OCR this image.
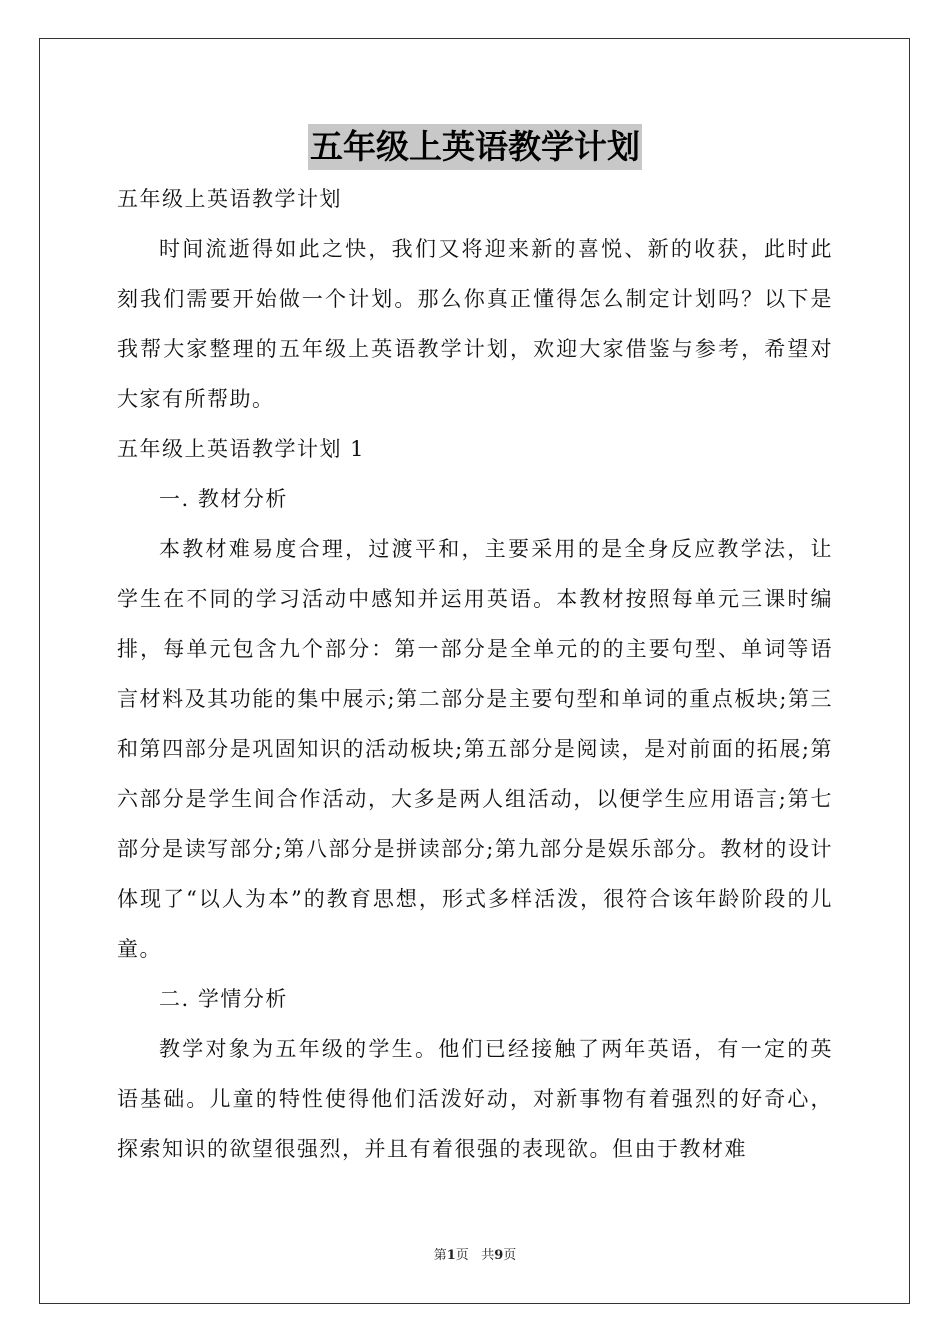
五年级上英语教学计划

五年级上英语教学计划

时间流逝得如此之快，我们又将迎来新的喜悦、新的收获，此时此刻我们需要开始做一个计划。那么你真正懂得怎么制定计划吗？以下是我帮大家整理的五年级上英语教学计划，欢迎大家借鉴与参考，希望对大家有所帮助。

五年级上英语教学计划 1

一. 教材分析

本教材难易度合理，过渡平和，主要采用的是全身反应教学法，让学生在不同的学习活动中感知并运用英语。本教材按照每单元三课时编排，每单元包含九个部分：第一部分是全单元的的主要句型、单词等语言材料及其功能的集中展示;第二部分是主要句型和单词的重点板块;第三和第四部分是巩固知识的活动板块;第五部分是阅读，是对前面的拓展;第六部分是学生间合作活动，大多是两人组活动，以便学生应用语言;第七部分是读写部分;第八部分是拼读部分;第九部分是娱乐部分。教材的设计体现了“以人为本”的教育思想，形式多样活泼，很符合该年龄阶段的儿童。

二. 学情分析

教学对象为五年级的学生。他们已经接触了两年英语，有一定的英语基础。儿童的特性使得他们活泼好动，对新事物有着强烈的好奇心，探索知识的欲望很强烈，并且有着很强的表现欲。但由于教材难

第1页 共9页
